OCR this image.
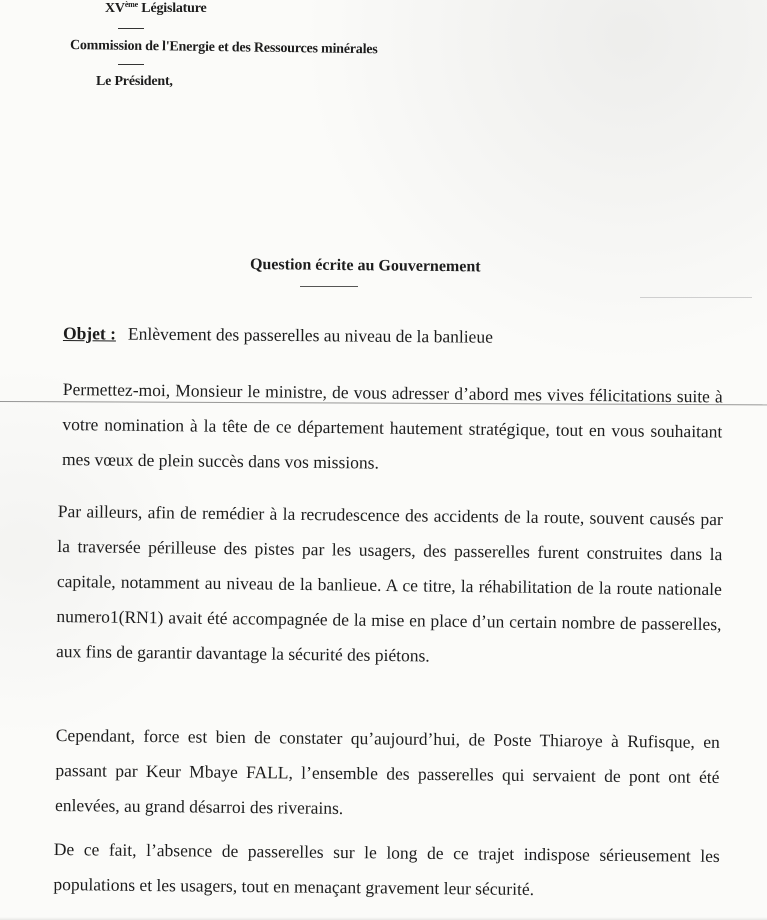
XVème Législature
Commission de l'Energie et des Ressources minérales
Le Président,
Question écrite au Gouvernement
Objet : Enlèvement des passerelles au niveau de la banlieue

Permettez-moi, Monsieur le ministre, de vous adresser d’abord mes vives félicitations suite à votre nomination à la tête de ce département hautement stratégique, tout en vous souhaitant mes vœux de plein succès dans vos missions.

Par ailleurs, afin de remédier à la recrudescence des accidents de la route, souvent causés par la traversée périlleuse des pistes par les usagers, des passerelles furent construites dans la capitale, notamment au niveau de la banlieue. A ce titre, la réhabilitation de la route nationale numero1(RN1) avait été accompagnée de la mise en place d’un certain nombre de passerelles, aux fins de garantir davantage la sécurité des piétons.

Cependant, force est bien de constater qu’aujourd’hui, de Poste Thiaroye à Rufisque, en passant par Keur Mbaye FALL, l’ensemble des passerelles qui servaient de pont ont été enlevées, au grand désarroi des riverains.

De ce fait, l’absence de passerelles sur le long de ce trajet indispose sérieusement les populations et les usagers, tout en menaçant gravement leur sécurité.
